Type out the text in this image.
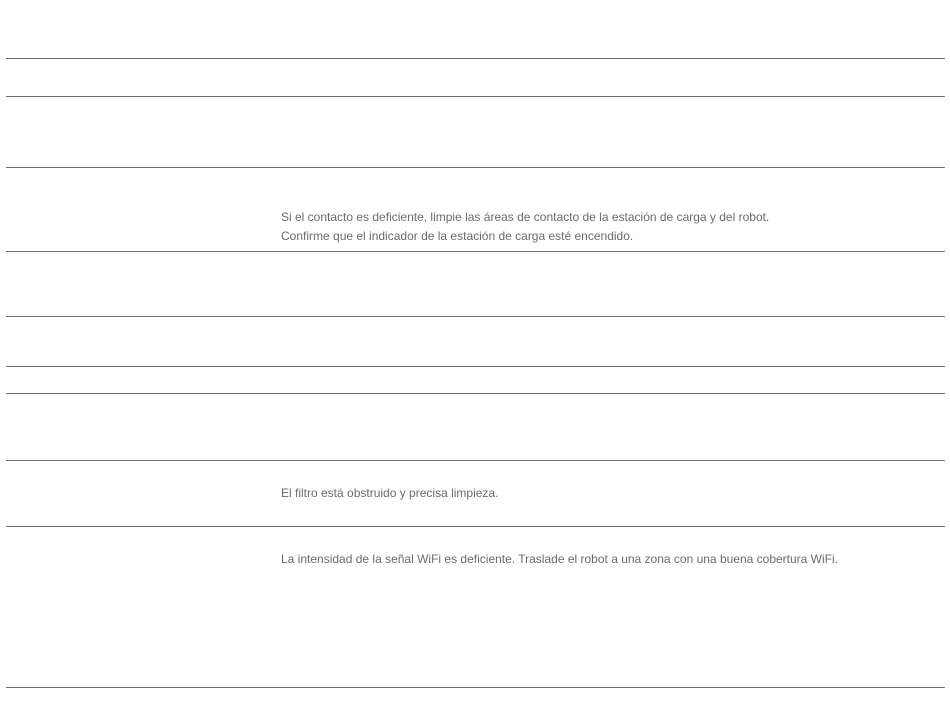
Si el contacto es deficiente, limpie las áreas de contacto de la estación de carga y del robot.
Confirme que el indicador de la estación de carga esté encendido.
El filtro está obstruido y precisa limpieza.
La intensidad de la señal WiFi es deficiente. Traslade el robot a una zona con una buena cobertura WiFi.
